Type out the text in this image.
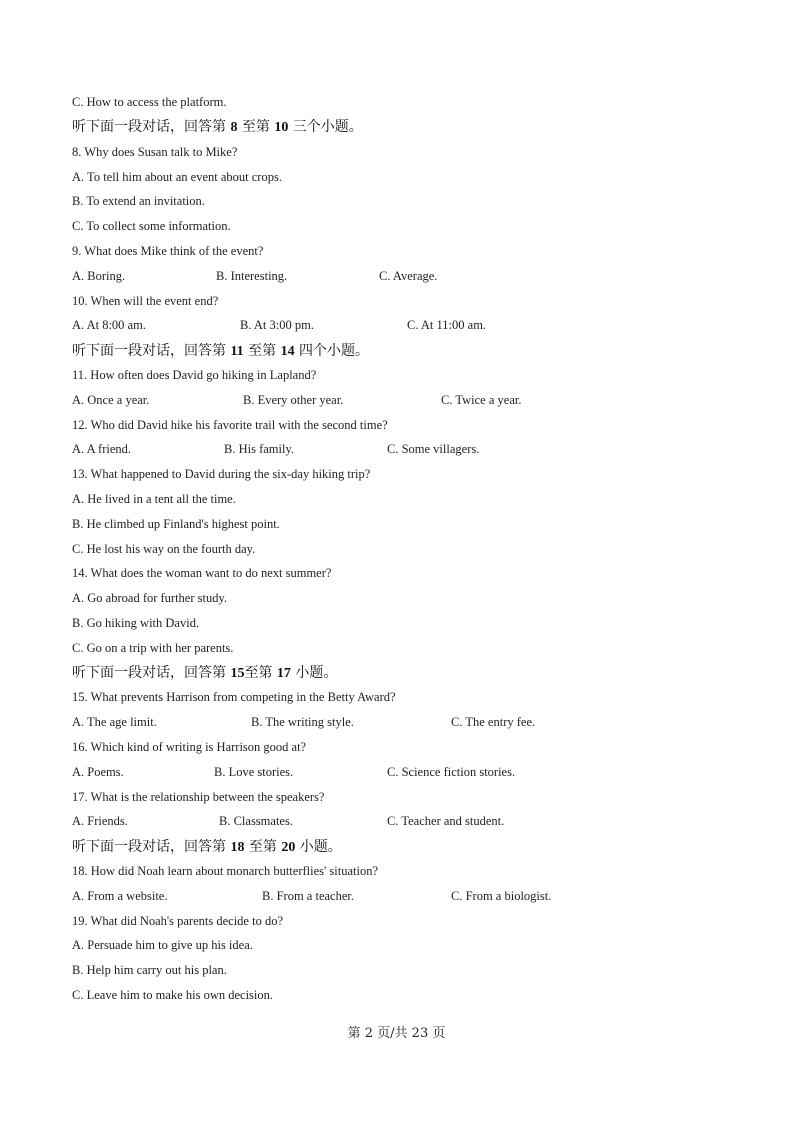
C. How to access the platform.
听下面一段对话，回答第 8 至第 10 三个小题。
8. Why does Susan talk to Mike?
A. To tell him about an event about crops.
B. To extend an invitation.
C. To collect some information.
9. What does Mike think of the event?
A. Boring.	B. Interesting.	C. Average.
10. When will the event end?
A. At 8:00 am.	B. At 3:00 pm.	C. At 11:00 am.
听下面一段对话，回答第 11 至第 14 四个小题。
11. How often does David go hiking in Lapland?
A. Once a year.	B. Every other year.	C. Twice a year.
12. Who did David hike his favorite trail with the second time?
A. A friend.	B. His family.	C. Some villagers.
13. What happened to David during the six-day hiking trip?
A. He lived in a tent all the time.
B. He climbed up Finland's highest point.
C. He lost his way on the fourth day.
14. What does the woman want to do next summer?
A. Go abroad for further study.
B. Go hiking with David.
C. Go on a trip with her parents.
听下面一段对话，回答第 15至第 17 小题。
15. What prevents Harrison from competing in the Betty Award?
A. The age limit.	B. The writing style.	C. The entry fee.
16. Which kind of writing is Harrison good at?
A. Poems.	B. Love stories.	C. Science fiction stories.
17. What is the relationship between the speakers?
A. Friends.	B. Classmates.	C. Teacher and student.
听下面一段对话，回答第 18 至第 20 小题。
18. How did Noah learn about monarch butterflies' situation?
A. From a website.	B. From a teacher.	C. From a biologist.
19. What did Noah's parents decide to do?
A. Persuade him to give up his idea.
B. Help him carry out his plan.
C. Leave him to make his own decision.
第 2 页/共 23 页
